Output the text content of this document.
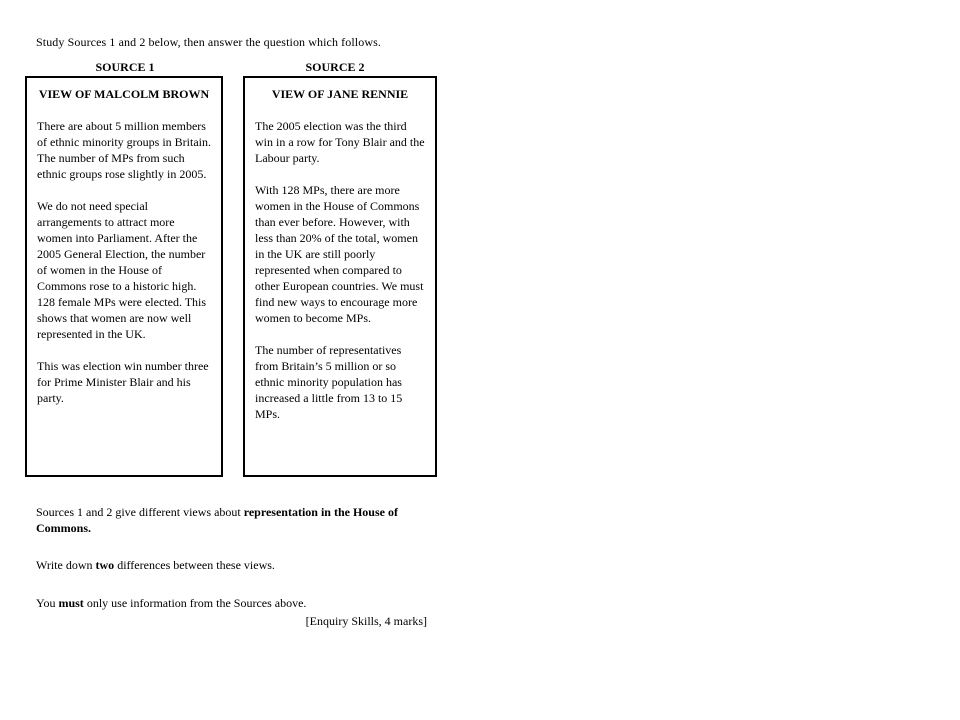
Study Sources 1 and 2 below, then answer the question which follows.

SOURCE 1	SOURCE 2
VIEW OF MALCOLM BROWN

There are about 5 million members of ethnic minority groups in Britain. The number of MPs from such ethnic groups rose slightly in 2005.

We do not need special arrangements to attract more women into Parliament. After the 2005 General Election, the number of women in the House of Commons rose to a historic high. 128 female MPs were elected. This shows that women are now well represented in the UK.

This was election win number three for Prime Minister Blair and his party.

VIEW OF JANE RENNIE

The 2005 election was the third win in a row for Tony Blair and the Labour party.

With 128 MPs, there are more women in the House of Commons than ever before. However, with less than 20% of the total, women in the UK are still poorly represented when compared to other European countries. We must find new ways to encourage more women to become MPs.

The number of representatives from Britain’s 5 million or so ethnic minority population has increased a little from 13 to 15 MPs.

Sources 1 and 2 give different views about representation in the House of Commons.

Write down two differences between these views.

You must only use information from the Sources above.

[Enquiry Skills, 4 marks]
